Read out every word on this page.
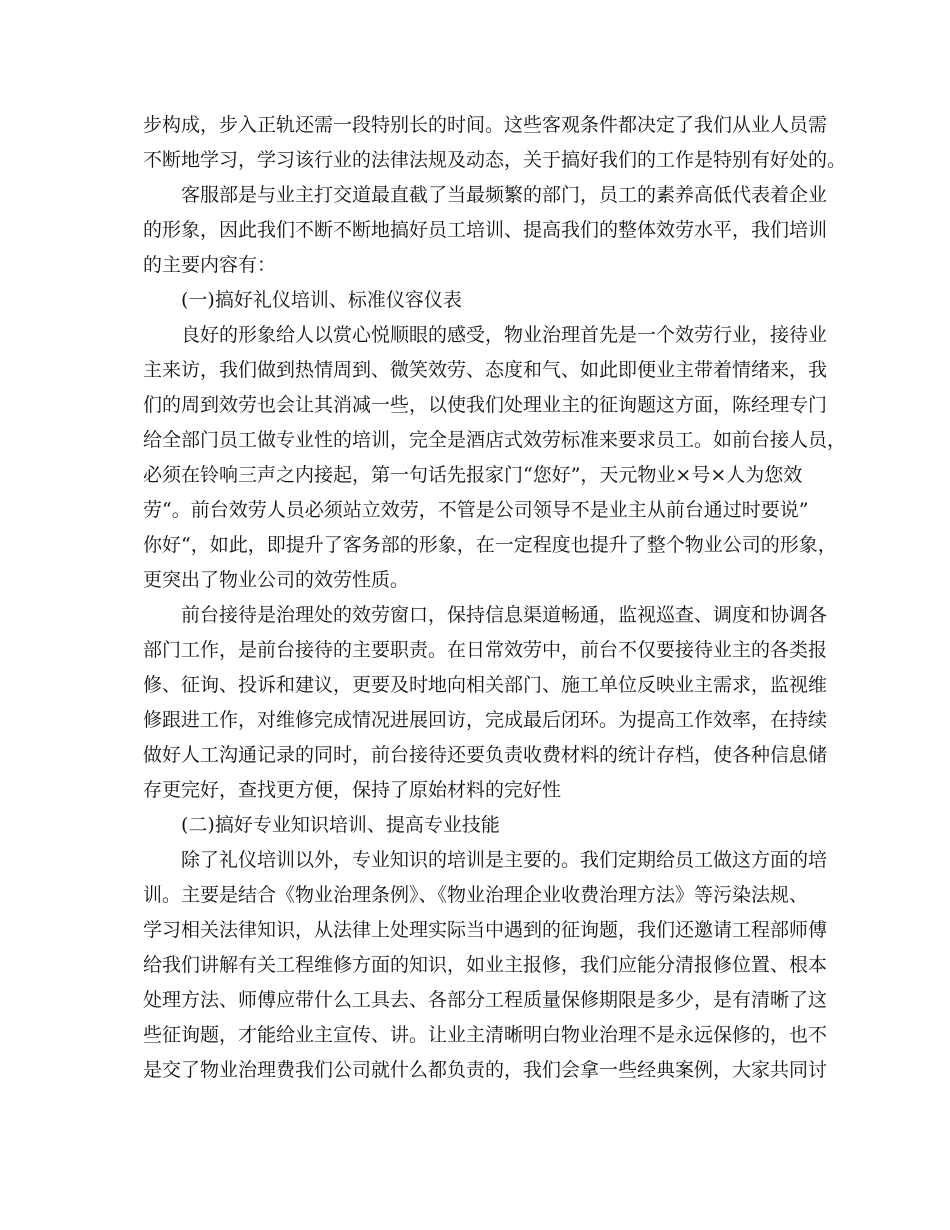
步构成，步入正轨还需一段特别长的时间。这些客观条件都决定了我们从业人员需
不断地学习，学习该行业的法律法规及动态，关于搞好我们的工作是特别有好处的。

客服部是与业主打交道最直截了当最频繁的部门，员工的素养高低代表着企业
的形象，因此我们不断不断地搞好员工培训、提高我们的整体效劳水平，我们培训
的主要内容有：

(一)搞好礼仪培训、标准仪容仪表

良好的形象给人以赏心悦顺眼的感受，物业治理首先是一个效劳行业，接待业
主来访，我们做到热情周到、微笑效劳、态度和气、如此即便业主带着情绪来，我
们的周到效劳也会让其消减一些，以使我们处理业主的征询题这方面，陈经理专门
给全部门员工做专业性的培训，完全是酒店式效劳标准来要求员工。如前台接人员，
必须在铃响三声之内接起，第一句话先报家门“您好”，天元物业×号×人为您效
劳“。前台效劳人员必须站立效劳，不管是公司领导不是业主从前台通过时要说”
你好“，如此，即提升了客务部的形象，在一定程度也提升了整个物业公司的形象，
更突出了物业公司的效劳性质。

前台接待是治理处的效劳窗口，保持信息渠道畅通，监视巡查、调度和协调各
部门工作，是前台接待的主要职责。在日常效劳中，前台不仅要接待业主的各类报
修、征询、投诉和建议，更要及时地向相关部门、施工单位反映业主需求，监视维
修跟进工作，对维修完成情况进展回访，完成最后闭环。为提高工作效率，在持续
做好人工沟通记录的同时，前台接待还要负责收费材料的统计存档，使各种信息储
存更完好，查找更方便，保持了原始材料的完好性

(二)搞好专业知识培训、提高专业技能

除了礼仪培训以外，专业知识的培训是主要的。我们定期给员工做这方面的培
训。主要是结合《物业治理条例》、《物业治理企业收费治理方法》等污染法规、
学习相关法律知识，从法律上处理实际当中遇到的征询题，我们还邀请工程部师傅
给我们讲解有关工程维修方面的知识，如业主报修，我们应能分清报修位置、根本
处理方法、师傅应带什么工具去、各部分工程质量保修期限是多少，是有清晰了这
些征询题，才能给业主宣传、讲。让业主清晰明白物业治理不是永远保修的，也不
是交了物业治理费我们公司就什么都负责的，我们会拿一些经典案例，大家共同讨
